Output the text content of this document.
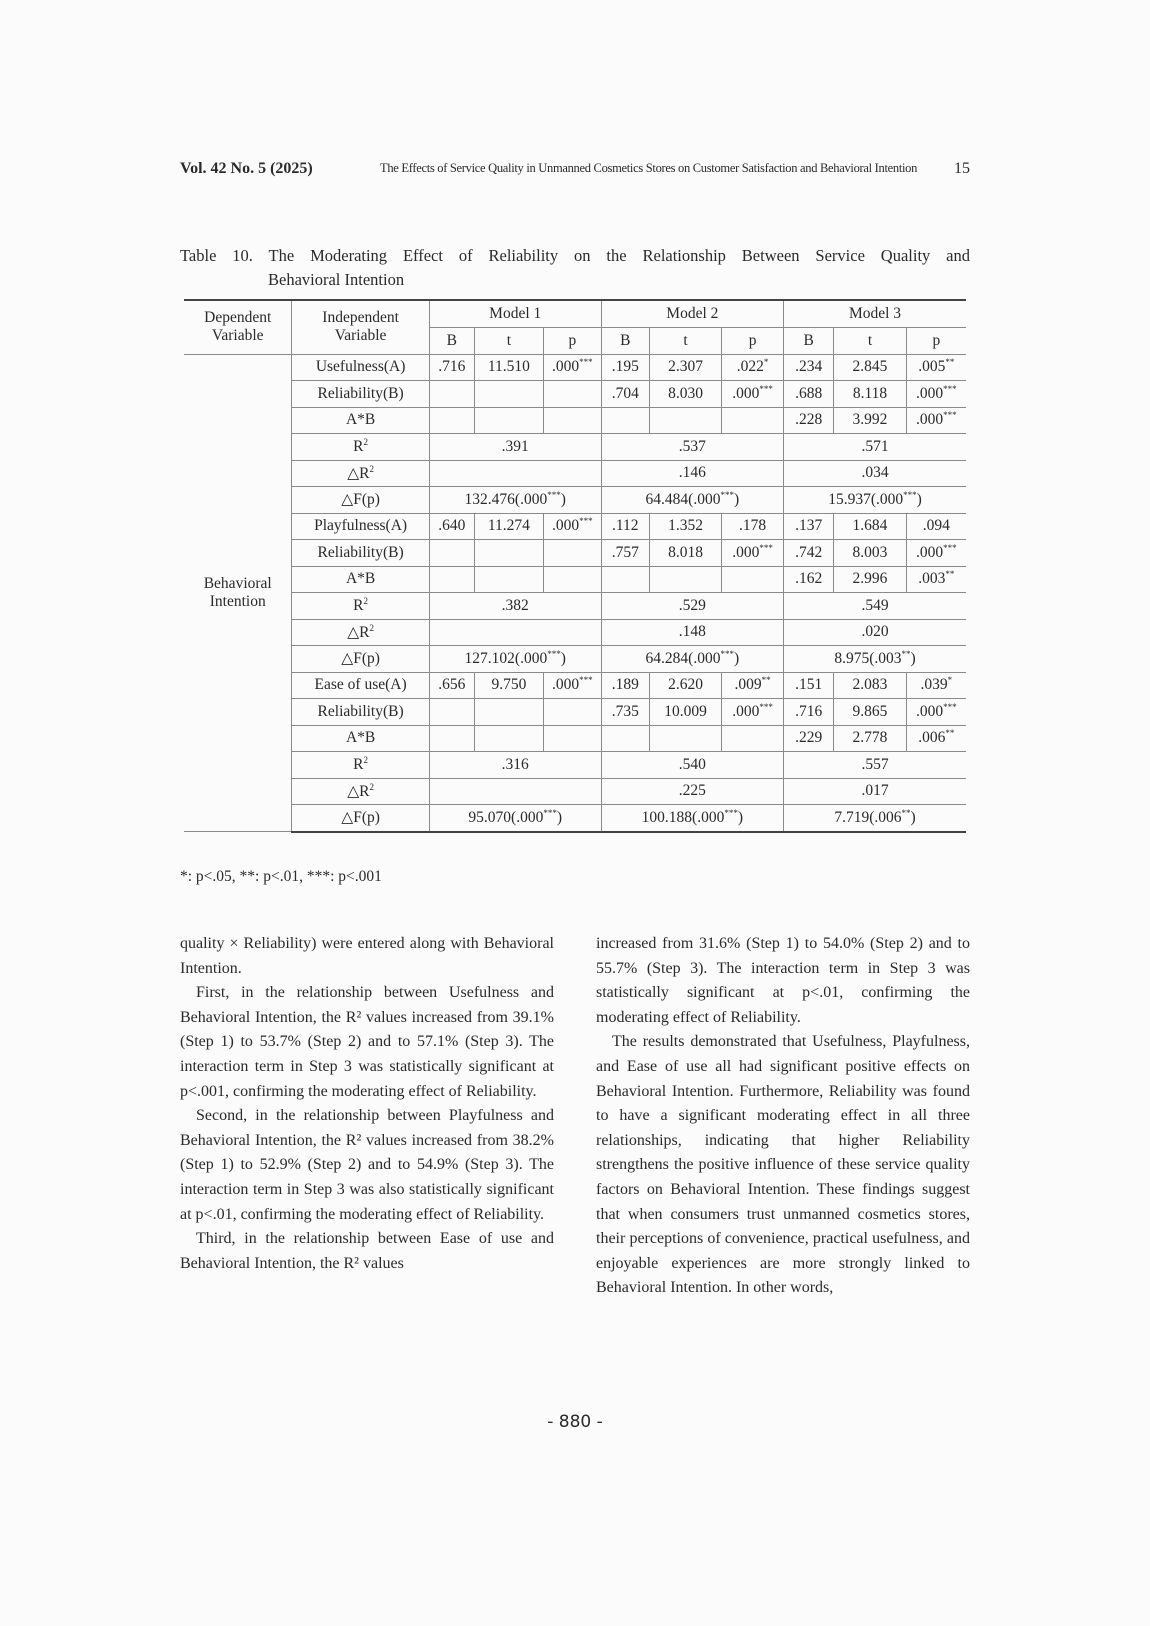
Vol. 42 No. 5 (2025)	The Effects of Service Quality in Unmanned Cosmetics Stores on Customer Satisfaction and Behavioral Intention 15
Table 10. The Moderating Effect of Reliability on the Relationship Between Service Quality and
Behavioral Intention
Dependent
Variable	Independent
Variable	Model 1			Model 2			Model 3		
		B	t	p	B	t	p	B	t	p
Behavioral
Intention	Usefulness(A)	.716	11.510	.000***	.195	2.307	.022*	.234	2.845	.005**
	Reliability(B)				.704	8.030	.000***	.688	8.118	.000***
	A*B							.228	3.992	.000***
	$R^2$	.391			.537			.571		
	$\triangle R^2$				.146			.034		
	△F(p)	132.476(.000***)			64.484(.000***)			15.937(.000***)		
	Playfulness(A)	.640	11.274	.000***	.112	1.352	.178	.137	1.684	.094
	Reliability(B)				.757	8.018	.000***	.742	8.003	.000***
	A*B							.162	2.996	.003**
	$R^2$	.382			.529			.549		
	$\triangle R^2$				.148			.020		
	△F(p)	127.102(.000***)			64.284(.000***)			8.975(.003**)		
	Ease of use(A)	.656	9.750	.000***	.189	2.620	.009**	.151	2.083	.039*
	Reliability(B)				.735	10.009	.000***	.716	9.865	.000***
	A*B							.229	2.778	.006**
	$R^2$	.316			.540			.557		
	$\triangle R^2$				.225			.017		
	△F(p)	95.070(.000***)			100.188(.000***)			7.719(.006**)		
*: p<.05, **: p<.01, ***: p<.001

quality × Reliability) were entered along with Behavioral Intention.

First, in the relationship between Usefulness and Behavioral Intention, the R² values increased from 39.1% (Step 1) to 53.7% (Step 2) and to 57.1% (Step 3). The interaction term in Step 3 was statistically significant at p<.001, confirming the moderating effect of Reliability.

Second, in the relationship between Playfulness and Behavioral Intention, the R² values increased from 38.2% (Step 1) to 52.9% (Step 2) and to 54.9% (Step 3). The interaction term in Step 3 was also statistically significant at p<.01, confirming the moderating effect of Reliability.

Third, in the relationship between Ease of use and Behavioral Intention, the R² values

increased from 31.6% (Step 1) to 54.0% (Step 2) and to 55.7% (Step 3). The interaction term in Step 3 was statistically significant at p<.01, confirming the moderating effect of Reliability.

The results demonstrated that Usefulness, Playfulness, and Ease of use all had significant positive effects on Behavioral Intention. Furthermore, Reliability was found to have a significant moderating effect in all three relationships, indicating that higher Reliability strengthens the positive influence of these service quality factors on Behavioral Intention. These findings suggest that when consumers trust unmanned cosmetics stores, their perceptions of convenience, practical usefulness, and enjoyable experiences are more strongly linked to Behavioral Intention. In other words,

- 880 -
